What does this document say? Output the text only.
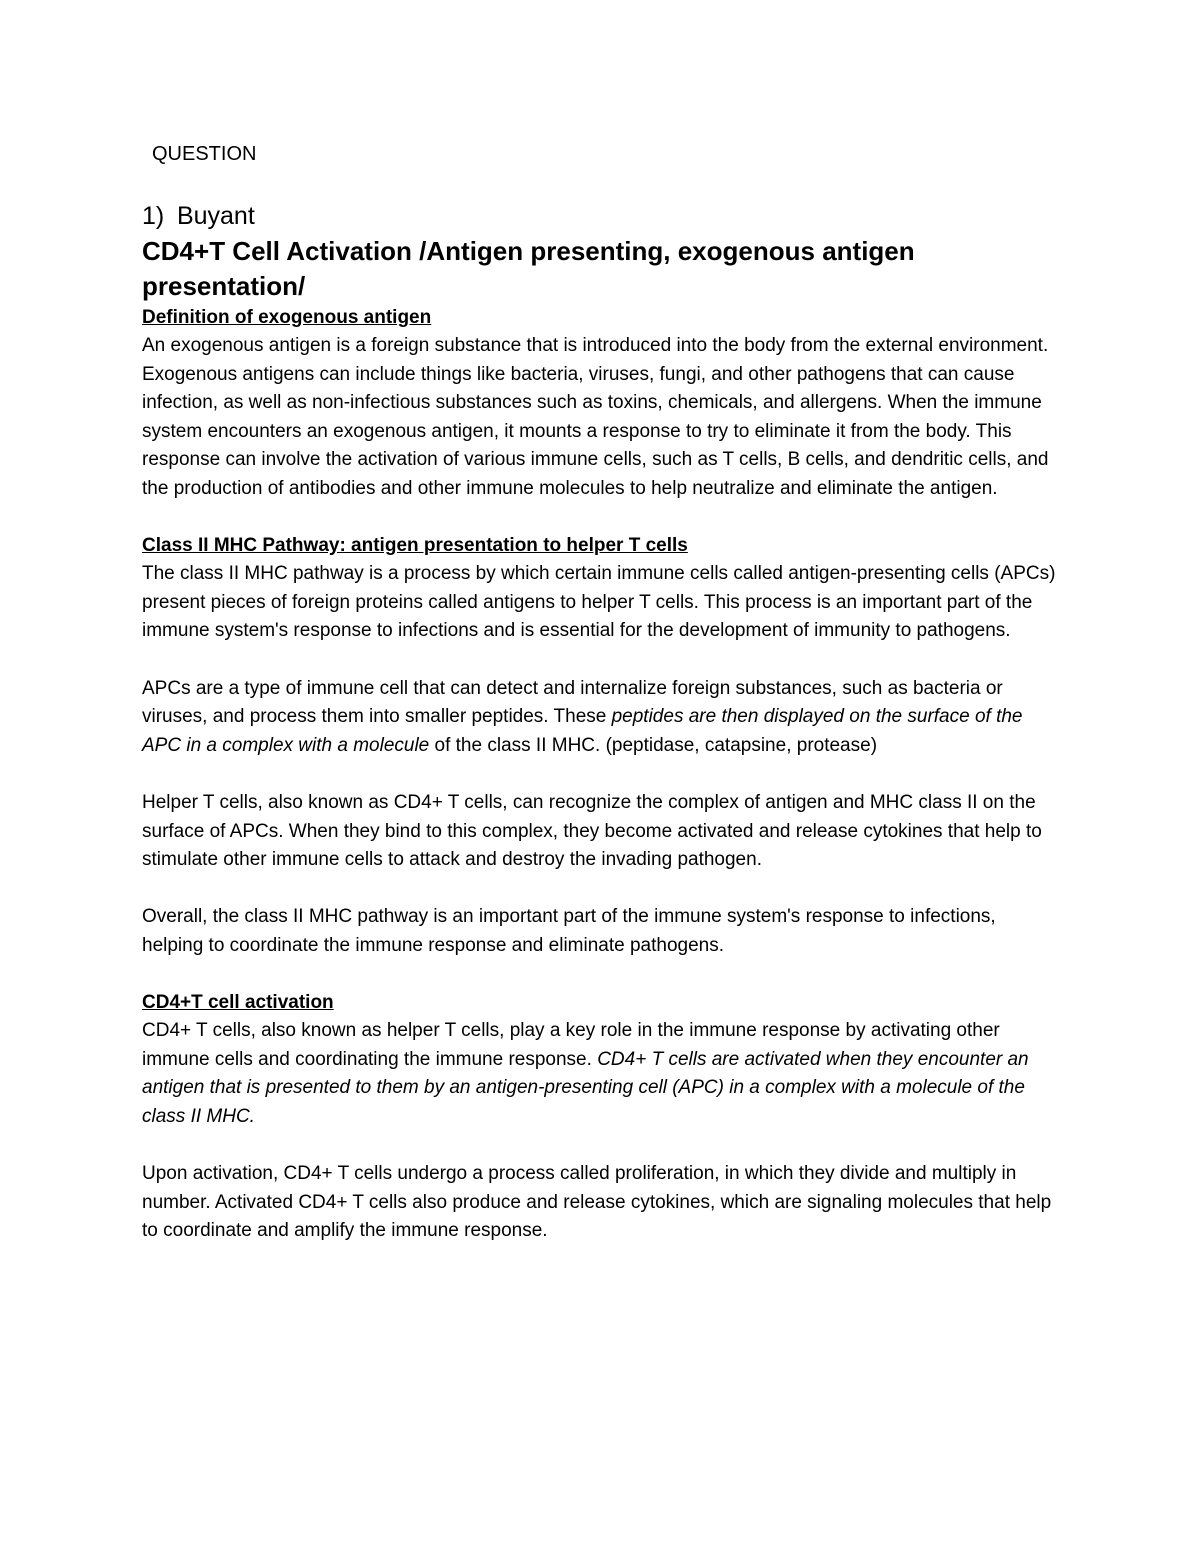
QUESTION
1) Buyant
CD4+T Cell Activation /Antigen presenting, exogenous antigen presentation/
Definition of exogenous antigen

An exogenous antigen is a foreign substance that is introduced into the body from the external environment. Exogenous antigens can include things like bacteria, viruses, fungi, and other pathogens that can cause infection, as well as non-infectious substances such as toxins, chemicals, and allergens. When the immune system encounters an exogenous antigen, it mounts a response to try to eliminate it from the body. This response can involve the activation of various immune cells, such as T cells, B cells, and dendritic cells, and the production of antibodies and other immune molecules to help neutralize and eliminate the antigen.

Class II MHC Pathway: antigen presentation to helper T cells

The class II MHC pathway is a process by which certain immune cells called antigen-presenting cells (APCs) present pieces of foreign proteins called antigens to helper T cells. This process is an important part of the immune system's response to infections and is essential for the development of immunity to pathogens.

APCs are a type of immune cell that can detect and internalize foreign substances, such as bacteria or viruses, and process them into smaller peptides. These peptides are then displayed on the surface of the APC in a complex with a molecule of the class II MHC. (peptidase, catapsine, protease)

Helper T cells, also known as CD4+ T cells, can recognize the complex of antigen and MHC class II on the surface of APCs. When they bind to this complex, they become activated and release cytokines that help to stimulate other immune cells to attack and destroy the invading pathogen.

Overall, the class II MHC pathway is an important part of the immune system's response to infections, helping to coordinate the immune response and eliminate pathogens.

CD4+T cell activation

CD4+ T cells, also known as helper T cells, play a key role in the immune response by activating other immune cells and coordinating the immune response. CD4+ T cells are activated when they encounter an antigen that is presented to them by an antigen-presenting cell (APC) in a complex with a molecule of the class II MHC.

Upon activation, CD4+ T cells undergo a process called proliferation, in which they divide and multiply in number. Activated CD4+ T cells also produce and release cytokines, which are signaling molecules that help to coordinate and amplify the immune response.
